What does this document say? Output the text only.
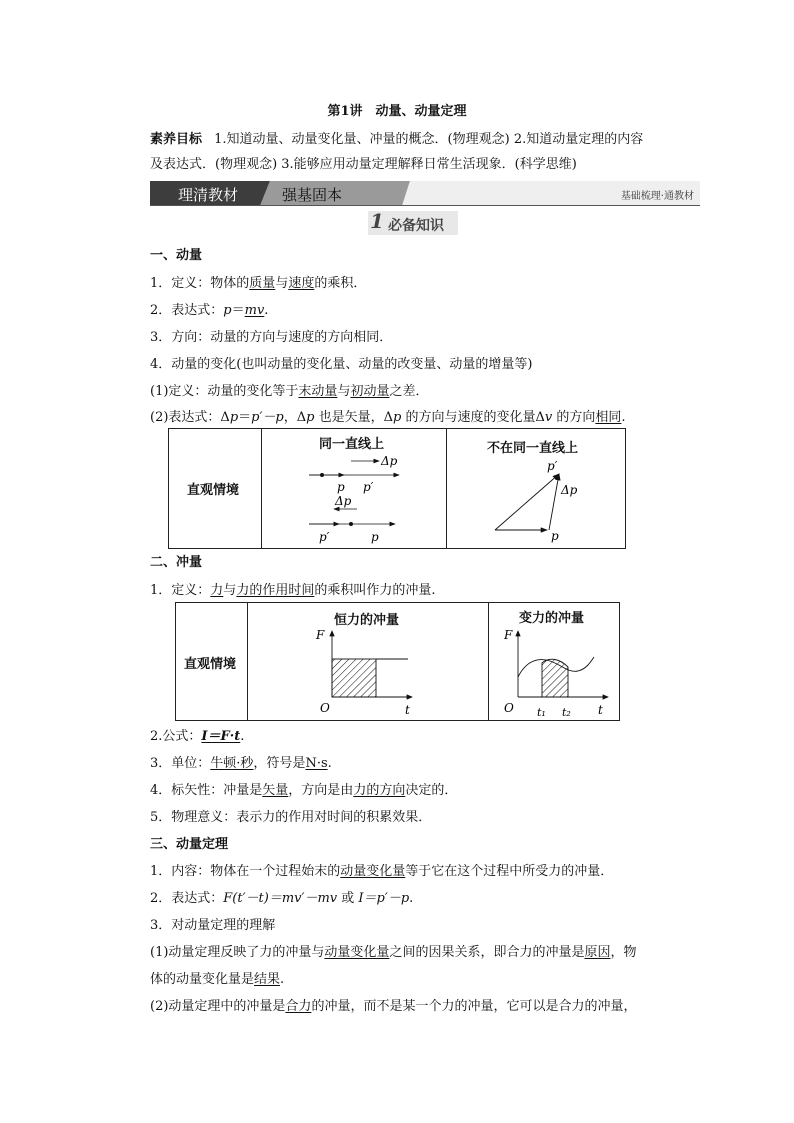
第1讲　动量、动量定理
素养目标 1.知道动量、动量变化量、冲量的概念．(物理观念) 2.知道动量定理的内容
及表达式．(物理观念) 3.能够应用动量定理解释日常生活现象．(科学思维)
理清教材	强基固本	基础梳理·通教材
1 必备知识
一、动量
1．定义：物体的质量与速度的乘积．
2．表达式：p＝mv.
3．方向：动量的方向与速度的方向相同．
4．动量的变化(也叫动量的变化量、动量的改变量、动量的增量等)
(1)定义：动量的变化等于末动量与初动量之差．
(2)表达式：Δp＝p′－p，Δp 也是矢量，Δp 的方向与速度的变化量Δv 的方向相同.
直观情境
同一直线上	不在同一直线上
Δp
p p′
Δp
p′	p
p′
Δp
p
二、冲量
1．定义：力与力的作用时间的乘积叫作力的冲量.
直观情境
恒力的冲量	变力的冲量
F
O	t
F
O t₁ t₂ t
2.公式：I＝F·t.
3．单位：牛顿·秒，符号是N·s.
4．标矢性：冲量是矢量，方向是由力的方向决定的．
5．物理意义：表示力的作用对时间的积累效果．
三、动量定理
1．内容：物体在一个过程始末的动量变化量等于它在这个过程中所受力的冲量．
2．表达式：F(t′－t)＝mv′－mv 或 I＝p′－p.
3．对动量定理的理解
(1)动量定理反映了力的冲量与动量变化量之间的因果关系，即合力的冲量是原因，物
体的动量变化量是结果.
(2)动量定理中的冲量是合力的冲量，而不是某一个力的冲量，它可以是合力的冲量，
